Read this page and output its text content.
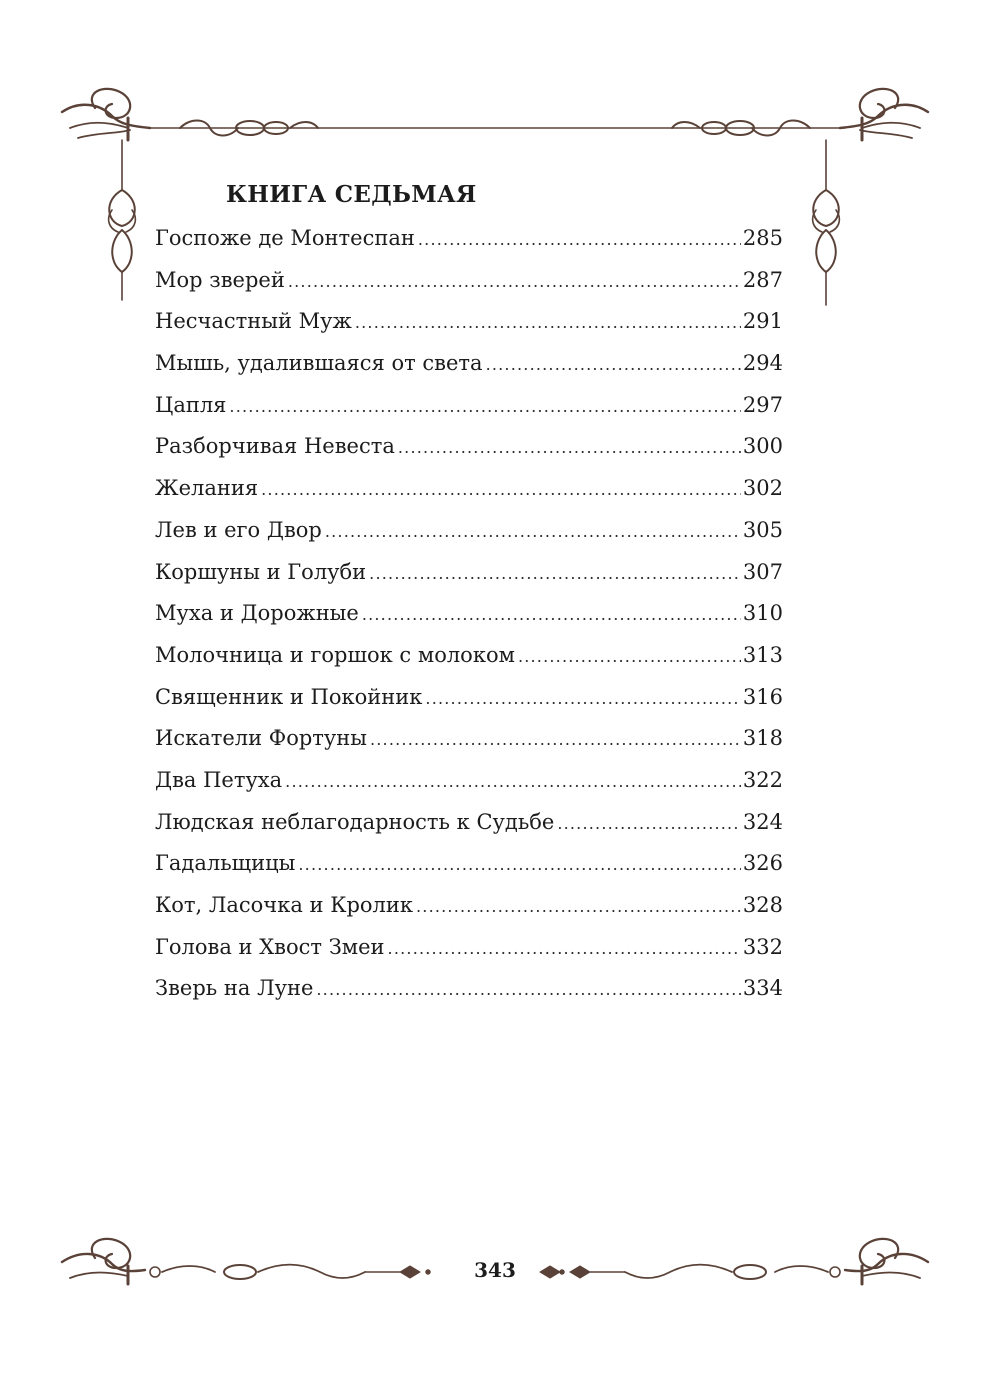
КНИГА СЕДЬМАЯ
Госпоже де Монтеспан .....	285
Мор зверей .....	287
Несчастный Муж .....	291
Мышь, удалившаяся от света .....	294
Цапля .....	297
Разборчивая Невеста .....	300
Желания .....	302
Лев и его Двор .....	305
Коршуны и Голуби .....	307
Муха и Дорожные .....	310
Молочница и горшок с молоком .....	313
Священник и Покойник .....	316
Искатели Фортуны .....	318
Два Петуха .....	322
Людская неблагодарность к Судьбе .....	324
Гадальщицы .....	326
Кот, Ласочка и Кролик .....	328
Голова и Хвост Змеи .....	332
Зверь на Луне .....	334

343
